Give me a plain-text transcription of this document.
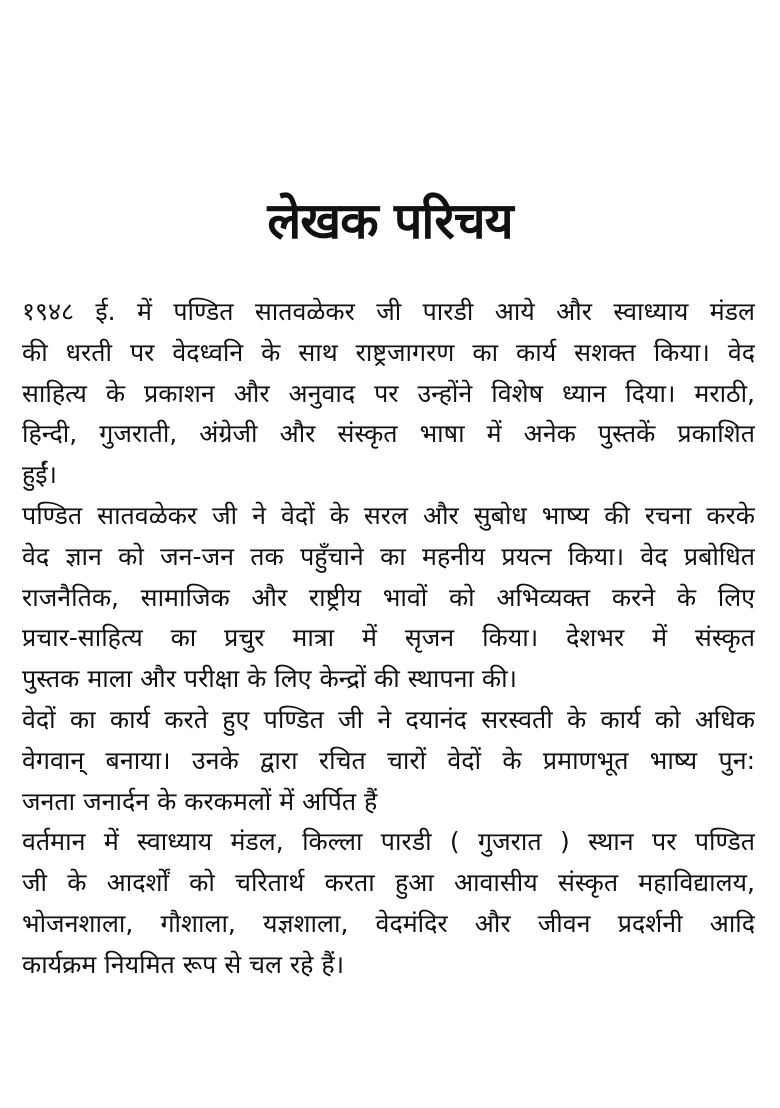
लेखक परिचय
१९४८ ई. में पण्डित सातवळेकर जी पारडी आये और स्वाध्याय मंडल
की धरती पर वेदध्वनि के साथ राष्ट्रजागरण का कार्य सशक्त किया। वेद
साहित्य के प्रकाशन और अनुवाद पर उन्होंने विशेष ध्यान दिया। मराठी,
हिन्दी, गुजराती, अंग्रेजी और संस्कृत भाषा में अनेक पुस्तकें प्रकाशित
हुईं।
पण्डित सातवळेकर जी ने वेदों के सरल और सुबोध भाष्य की रचना करके
वेद ज्ञान को जन-जन तक पहुँचाने का महनीय प्रयत्न किया। वेद प्रबोधित
राजनैतिक, सामाजिक और राष्ट्रीय भावों को अभिव्यक्त करने के लिए
प्रचार-साहित्य का प्रचुर मात्रा में सृजन किया। देशभर में संस्कृत
पुस्तक माला और परीक्षा के लिए केन्द्रों की स्थापना की।
वेदों का कार्य करते हुए पण्डित जी ने दयानंद सरस्वती के कार्य को अधिक
वेगवान् बनाया। उनके द्वारा रचित चारों वेदों के प्रमाणभूत भाष्य पुन:
जनता जनार्दन के करकमलों में अर्पित हैं
वर्तमान में स्वाध्याय मंडल, किल्ला पारडी ( गुजरात ) स्थान पर पण्डित
जी के आदर्शों को चरितार्थ करता हुआ आवासीय संस्कृत महाविद्यालय,
भोजनशाला, गौशाला, यज्ञशाला, वेदमंदिर और जीवन प्रदर्शनी आदि
कार्यक्रम नियमित रूप से चल रहे हैं।
